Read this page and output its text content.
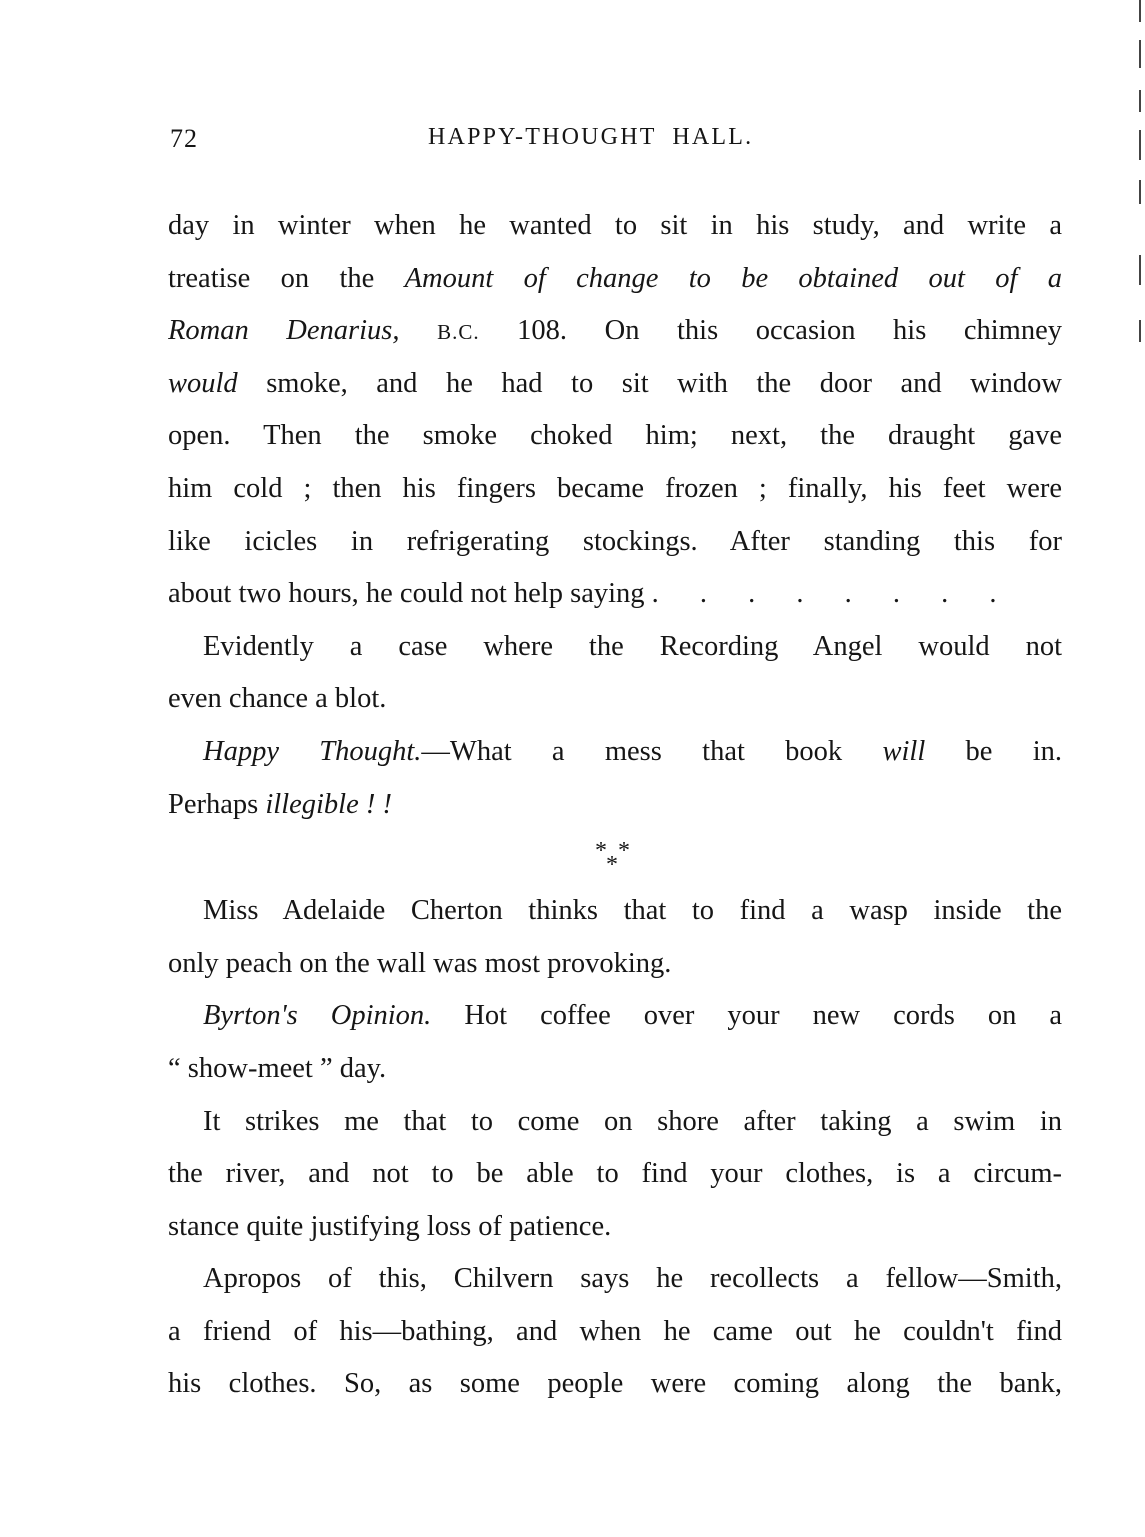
72	HAPPY-THOUGHT HALL.
day in winter when he wanted to sit in his study, and write a
treatise on the Amount of change to be obtained out of a
Roman Denarius, B.C. 108. On this occasion his chimney
would smoke, and he had to sit with the door and window
open. Then the smoke choked him; next, the draught gave
him cold ; then his fingers became frozen ; finally, his feet were
like icicles in refrigerating stockings. After standing this for
about two hours, he could not help saying . . . . . . . .
Evidently a case where the Recording Angel would not
even chance a blot.
Happy Thought.—What a mess that book will be in.
Perhaps illegible ! !
* *
*
Miss Adelaide Cherton thinks that to find a wasp inside the
only peach on the wall was most provoking.
Byrton's Opinion. Hot coffee over your new cords on a
“ show-meet ” day.
It strikes me that to come on shore after taking a swim in
the river, and not to be able to find your clothes, is a circum-
stance quite justifying loss of patience.
Apropos of this, Chilvern says he recollects a fellow—Smith,
a friend of his—bathing, and when he came out he couldn't find
his clothes. So, as some people were coming along the bank,
